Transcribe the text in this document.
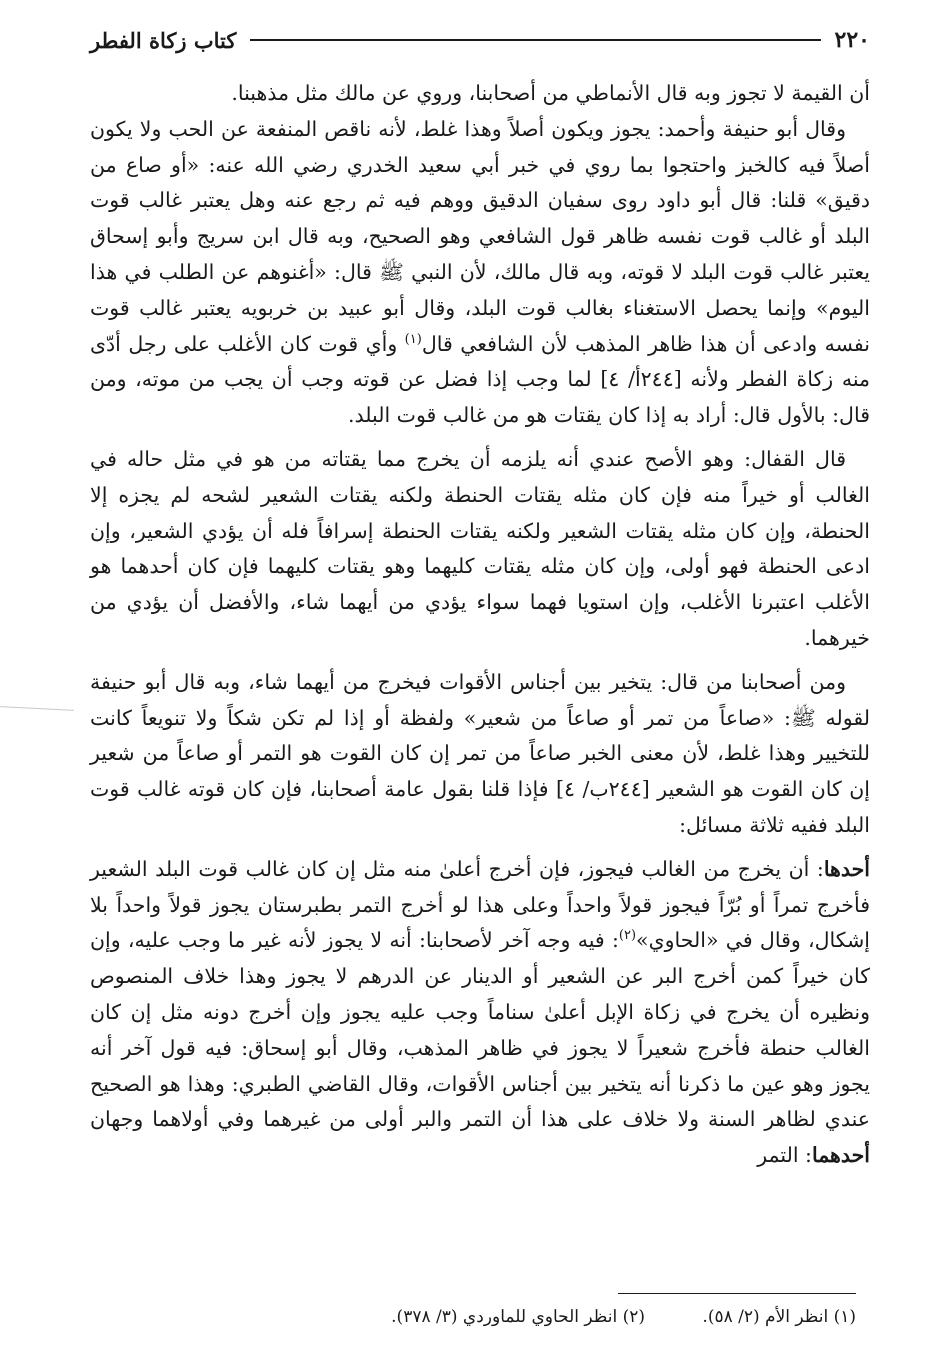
٢٢٠
كتاب زكاة الفطر

أن القيمة لا تجوز وبه قال الأنماطي من أصحابنا، وروي عن مالك مثل مذهبنا.

وقال أبو حنيفة وأحمد: يجوز ويكون أصلاً وهذا غلط، لأنه ناقص المنفعة عن الحب ولا يكون أصلاً فيه كالخبز واحتجوا بما روي في خبر أبي سعيد الخدري رضي الله عنه: «أو صاع من دقيق» قلنا: قال أبو داود روى سفيان الدقيق ووهم فيه ثم رجع عنه وهل يعتبر غالب قوت البلد أو غالب قوت نفسه ظاهر قول الشافعي وهو الصحيح، وبه قال ابن سريج وأبو إسحاق يعتبر غالب قوت البلد لا قوته، وبه قال مالك، لأن النبي ﷺ قال: «أغنوهم عن الطلب في هذا اليوم» وإنما يحصل الاستغناء بغالب قوت البلد، وقال أبو عبيد بن خربويه يعتبر غالب قوت نفسه وادعى أن هذا ظاهر المذهب لأن الشافعي قال$^{(١)}$ وأي قوت كان الأغلب على رجل أدّى منه زكاة الفطر ولأنه [٢٤٤أ/ ٤] لما وجب إذا فضل عن قوته وجب أن يجب من موته، ومن قال: بالأول قال: أراد به إذا كان يقتات هو من غالب قوت البلد.

قال القفال: وهو الأصح عندي أنه يلزمه أن يخرج مما يقتاته من هو في مثل حاله في الغالب أو خيراً منه فإن كان مثله يقتات الحنطة ولكنه يقتات الشعير لشحه لم يجزه إلا الحنطة، وإن كان مثله يقتات الشعير ولكنه يقتات الحنطة إسرافاً فله أن يؤدي الشعير، وإن ادعى الحنطة فهو أولى، وإن كان مثله يقتات كليهما وهو يقتات كليهما فإن كان أحدهما هو الأغلب اعتبرنا الأغلب، وإن استويا فهما سواء يؤدي من أيهما شاء، والأفضل أن يؤدي من خيرهما.

ومن أصحابنا من قال: يتخير بين أجناس الأقوات فيخرج من أيهما شاء، وبه قال أبو حنيفة لقوله ﷺ: «صاعاً من تمر أو صاعاً من شعير» ولفظة أو إذا لم تكن شكاً ولا تنويعاً كانت للتخيير وهذا غلط، لأن معنى الخبر صاعاً من تمر إن كان القوت هو التمر أو صاعاً من شعير إن كان القوت هو الشعير [٢٤٤ب/ ٤] فإذا قلنا بقول عامة أصحابنا، فإن كان قوته غالب قوت البلد ففيه ثلاثة مسائل:

أحدها: أن يخرج من الغالب فيجوز، فإن أخرج أعلىٰ منه مثل إن كان غالب قوت البلد الشعير فأخرج تمراً أو بُرّاً فيجوز قولاً واحداً وعلى هذا لو أخرج التمر بطبرستان يجوز قولاً واحداً بلا إشكال، وقال في «الحاوي»$^{(٢)}$: فيه وجه آخر لأصحابنا: أنه لا يجوز لأنه غير ما وجب عليه، وإن كان خيراً كمن أخرج البر عن الشعير أو الدينار عن الدرهم لا يجوز وهذا خلاف المنصوص ونظيره أن يخرج في زكاة الإبل أعلىٰ سناماً وجب عليه يجوز وإن أخرج دونه مثل إن كان الغالب حنطة فأخرج شعيراً لا يجوز في ظاهر المذهب، وقال أبو إسحاق: فيه قول آخر أنه يجوز وهو عين ما ذكرنا أنه يتخير بين أجناس الأقوات، وقال القاضي الطبري: وهذا هو الصحيح عندي لظاهر السنة ولا خلاف على هذا أن التمر والبر أولى من غيرهما وفي أولاهما وجهان أحدهما: التمر

(١) انظر الأم (٢/ ٥٨). (٢) انظر الحاوي للماوردي (٣/ ٣٧٨).
